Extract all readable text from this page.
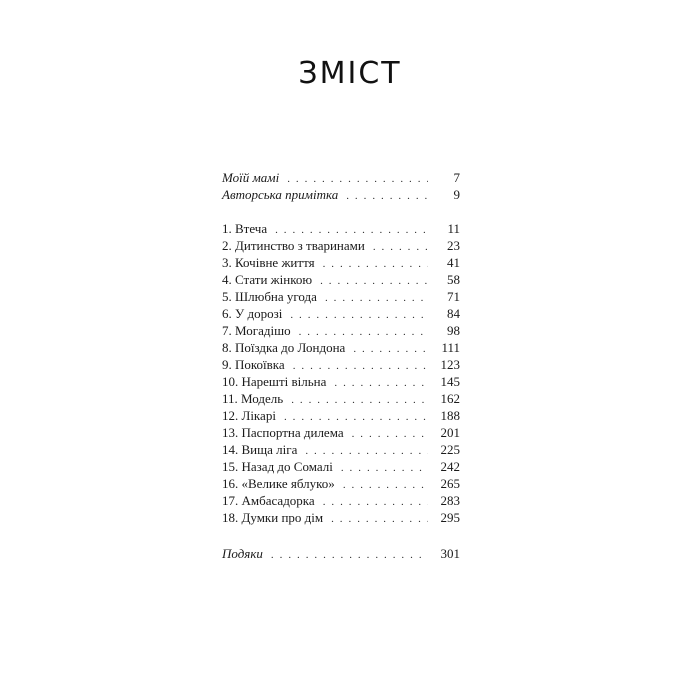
ЗМІСТ
Моїй мамі . . .	7
Авторська примітка . . .	9
1. Втеча . . .	11
2. Дитинство з тваринами . . .	23
3. Кочівне життя . . .	41
4. Стати жінкою . . .	58
5. Шлюбна угода . . .	71
6. У дорозі . . .	84
7. Могадішо . . .	98
8. Поїздка до Лондона . . .	111
9. Покоївка . . .	123
10. Нарешті вільна . . .	145
11. Модель . . .	162
12. Лікарі . . .	188
13. Паспортна дилема . . .	201
14. Вища ліга . . .	225
15. Назад до Сомалі . . .	242
16. «Велике яблуко» . . .	265
17. Амбасадорка . . .	283
18. Думки про дім . . .	295
Подяки . . .	301
